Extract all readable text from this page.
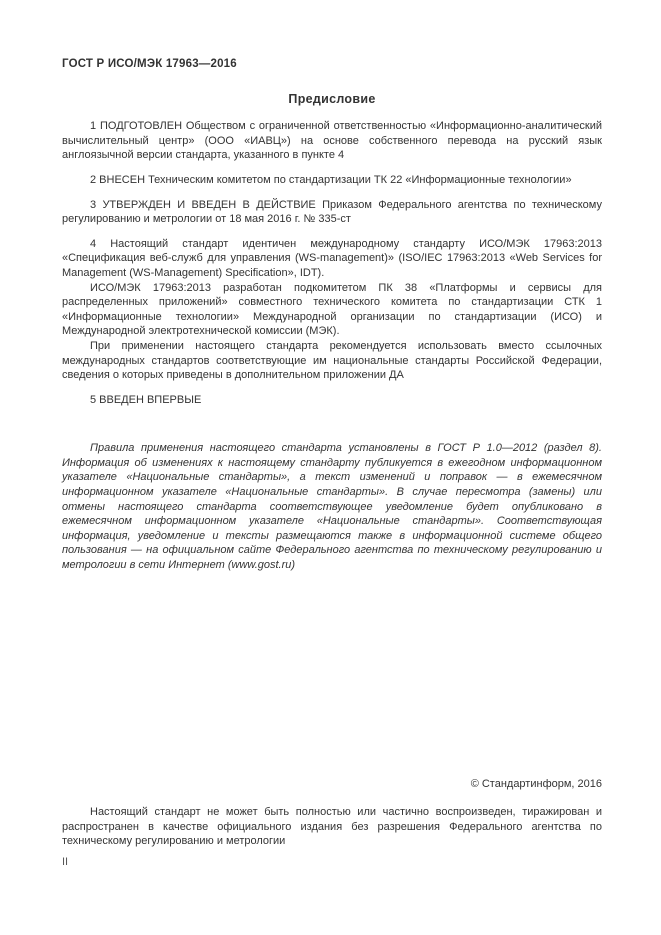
ГОСТ Р ИСО/МЭК 17963—2016
Предисловие

1 ПОДГОТОВЛЕН Обществом с ограниченной ответственностью «Информационно-аналитический вычислительный центр» (ООО «ИАВЦ») на основе собственного перевода на русский язык англоязычной версии стандарта, указанного в пункте 4

2 ВНЕСЕН Техническим комитетом по стандартизации ТК 22 «Информационные технологии»

3 УТВЕРЖДЕН И ВВЕДЕН В ДЕЙСТВИЕ Приказом Федерального агентства по техническому регулированию и метрологии от 18 мая 2016 г. № 335-ст

4 Настоящий стандарт идентичен международному стандарту ИСО/МЭК 17963:2013 «Спецификация веб-служб для управления (WS-management)» (ISO/IEC 17963:2013 «Web Services for Management (WS-Management) Specification», IDT).

ИСО/МЭК 17963:2013 разработан подкомитетом ПК 38 «Платформы и сервисы для распределенных приложений» совместного технического комитета по стандартизации СТК 1 «Информационные технологии» Международной организации по стандартизации (ИСО) и Международной электротехнической комиссии (МЭК).

При применении настоящего стандарта рекомендуется использовать вместо ссылочных международных стандартов соответствующие им национальные стандарты Российской Федерации, сведения о которых приведены в дополнительном приложении ДА

5 ВВЕДЕН ВПЕРВЫЕ

Правила применения настоящего стандарта установлены в ГОСТ Р 1.0—2012 (раздел 8). Информация об изменениях к настоящему стандарту публикуется в ежегодном информационном указателе «Национальные стандарты», а текст изменений и поправок — в ежемесячном информационном указателе «Национальные стандарты». В случае пересмотра (замены) или отмены настоящего стандарта соответствующее уведомление будет опубликовано в ежемесячном информационном указателе «Национальные стандарты». Соответствующая информация, уведомление и тексты размещаются также в информационной системе общего пользования — на официальном сайте Федерального агентства по техническому регулированию и метрологии в сети Интернет (www.gost.ru)

© Стандартинформ, 2016

Настоящий стандарт не может быть полностью или частично воспроизведен, тиражирован и распространен в качестве официального издания без разрешения Федерального агентства по техническому регулированию и метрологии

II
